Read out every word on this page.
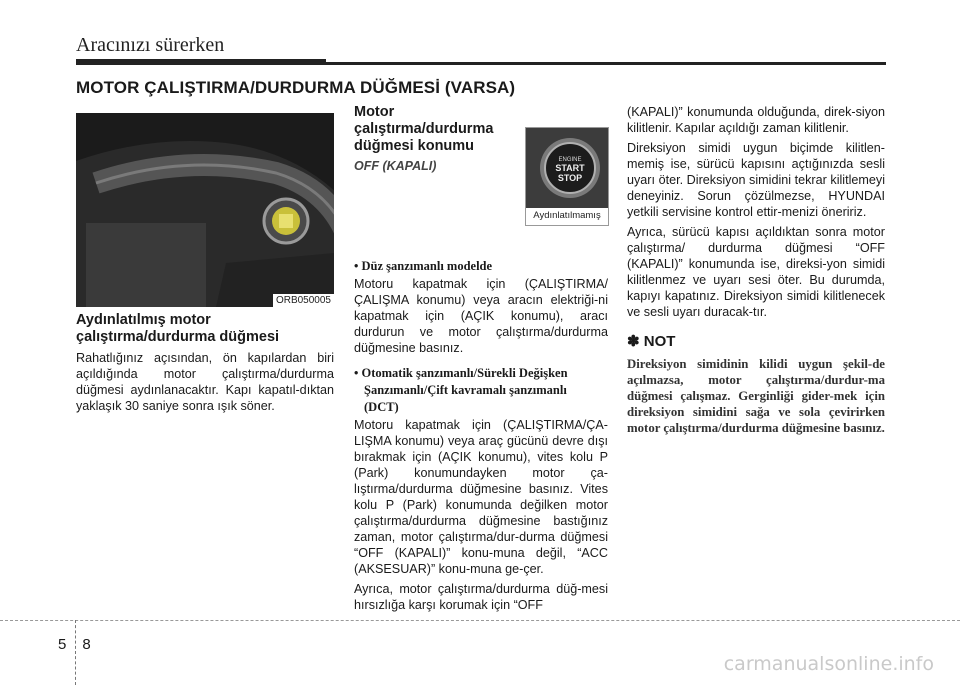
Aracınızı sürerken
MOTOR ÇALIŞTIRMA/DURDURMA DÜĞMESİ (VARSA)
ORB050005
Aydınlatılmış motor çalıştırma/durdurma düğmesi

Rahatlığınız açısından, ön kapılardan biri açıldığında motor çalıştırma/durdurma düğmesi aydınlanacaktır. Kapı kapatıl-dıktan yaklaşık 30 saniye sonra ışık söner.

ENGINE
START
STOP
Aydınlatılmamış
Motor çalıştırma/durdurma düğmesi konumu
OFF (KAPALI)
• Düz şanzımanlı modelde

Motoru kapatmak için (ÇALIŞTIRMA/ ÇALIŞMA konumu) veya aracın elektriği-ni kapatmak için (AÇIK konumu), aracı durdurun ve motor çalıştırma/durdurma düğmesine basınız.

• Otomatik şanzımanlı/Sürekli Değişken
Şanzımanlı/Çift kavramalı şanzımanlı
(DCT)

Motoru kapatmak için (ÇALIŞTIRMA/ÇA-LIŞMA konumu) veya araç gücünü devre dışı bırakmak için (AÇIK konumu), vites kolu P (Park) konumundayken motor ça-lıştırma/durdurma düğmesine basınız. Vites kolu P (Park) konumunda değilken motor çalıştırma/durdurma düğmesine bastığınız zaman, motor çalıştırma/dur-durma düğmesi “OFF (KAPALI)” konu-muna değil, “ACC (AKSESUAR)” konu-muna ge-çer.

Ayrıca, motor çalıştırma/durdurma düğ-mesi hırsızlığa karşı korumak için “OFF

(KAPALI)” konumunda olduğunda, direk-siyon kilitlenir. Kapılar açıldığı zaman kilitlenir.

Direksiyon simidi uygun biçimde kilitlen-memiş ise, sürücü kapısını açtığınızda sesli uyarı öter. Direksiyon simidini tekrar kilitlemeyi deneyiniz. Sorun çözülmezse, HYUNDAI yetkili servisine kontrol ettir-menizi öneririz.

Ayrıca, sürücü kapısı açıldıktan sonra motor çalıştırma/ durdurma düğmesi “OFF (KAPALI)” konumunda ise, direksi-yon simidi kilitlenmez ve uyarı sesi öter. Bu durumda, kapıyı kapatınız. Direksiyon simidi kilitlenecek ve sesli uyarı duracak-tır.

✽ NOT
Direksiyon simidinin kilidi uygun şekil-de açılmazsa, motor çalıştırma/durdur-ma düğmesi çalışmaz. Gerginliği gider-mek için direksiyon simidini sağa ve sola çevirirken motor çalıştırma/durdurma düğmesine basınız.
58
carmanualsonline.info
